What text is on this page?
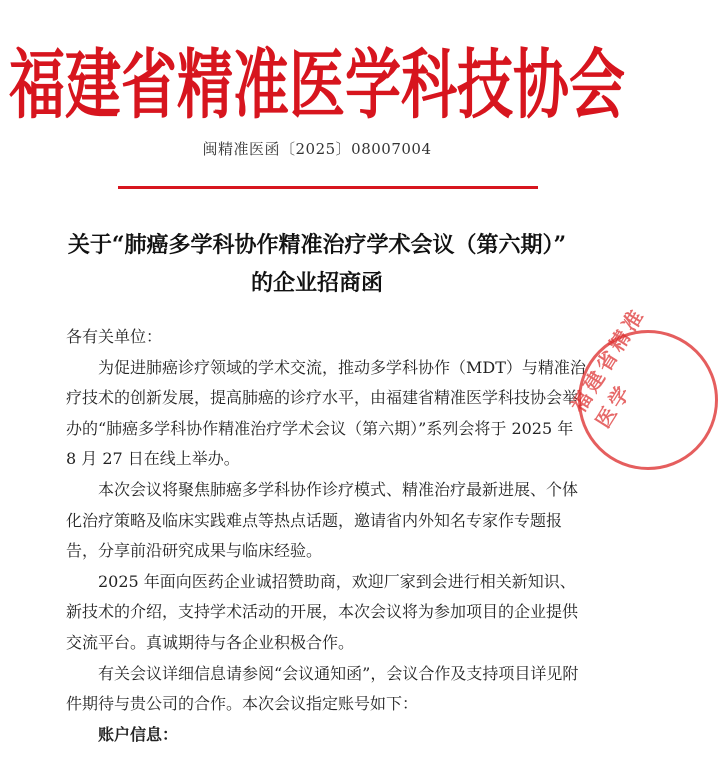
福建省精准医学科技协会
闽精准医函〔2025〕08007004
关于“肺癌多学科协作精准治疗学术会议（第六期）”
的企业招商函

各有关单位：

为促进肺癌诊疗领域的学术交流，推动多学科协作（MDT）与精准治疗技术的创新发展，提高肺癌的诊疗水平，由福建省精准医学科技协会举办的“肺癌多学科协作精准治疗学术会议（第六期）”系列会将于 2025 年 8 月 27 日在线上举办。

本次会议将聚焦肺癌多学科协作诊疗模式、精准治疗最新进展、个体化治疗策略及临床实践难点等热点话题，邀请省内外知名专家作专题报告，分享前沿研究成果与临床经验。

2025 年面向医药企业诚招赞助商，欢迎厂家到会进行相关新知识、新技术的介绍，支持学术活动的开展，本次会议将为参加项目的企业提供交流平台。真诚期待与各企业积极合作。

有关会议详细信息请参阅“会议通知函”，会议合作及支持项目详见附件期待与贵公司的合作。本次会议指定账号如下：

账户信息：

福建省精准医学
